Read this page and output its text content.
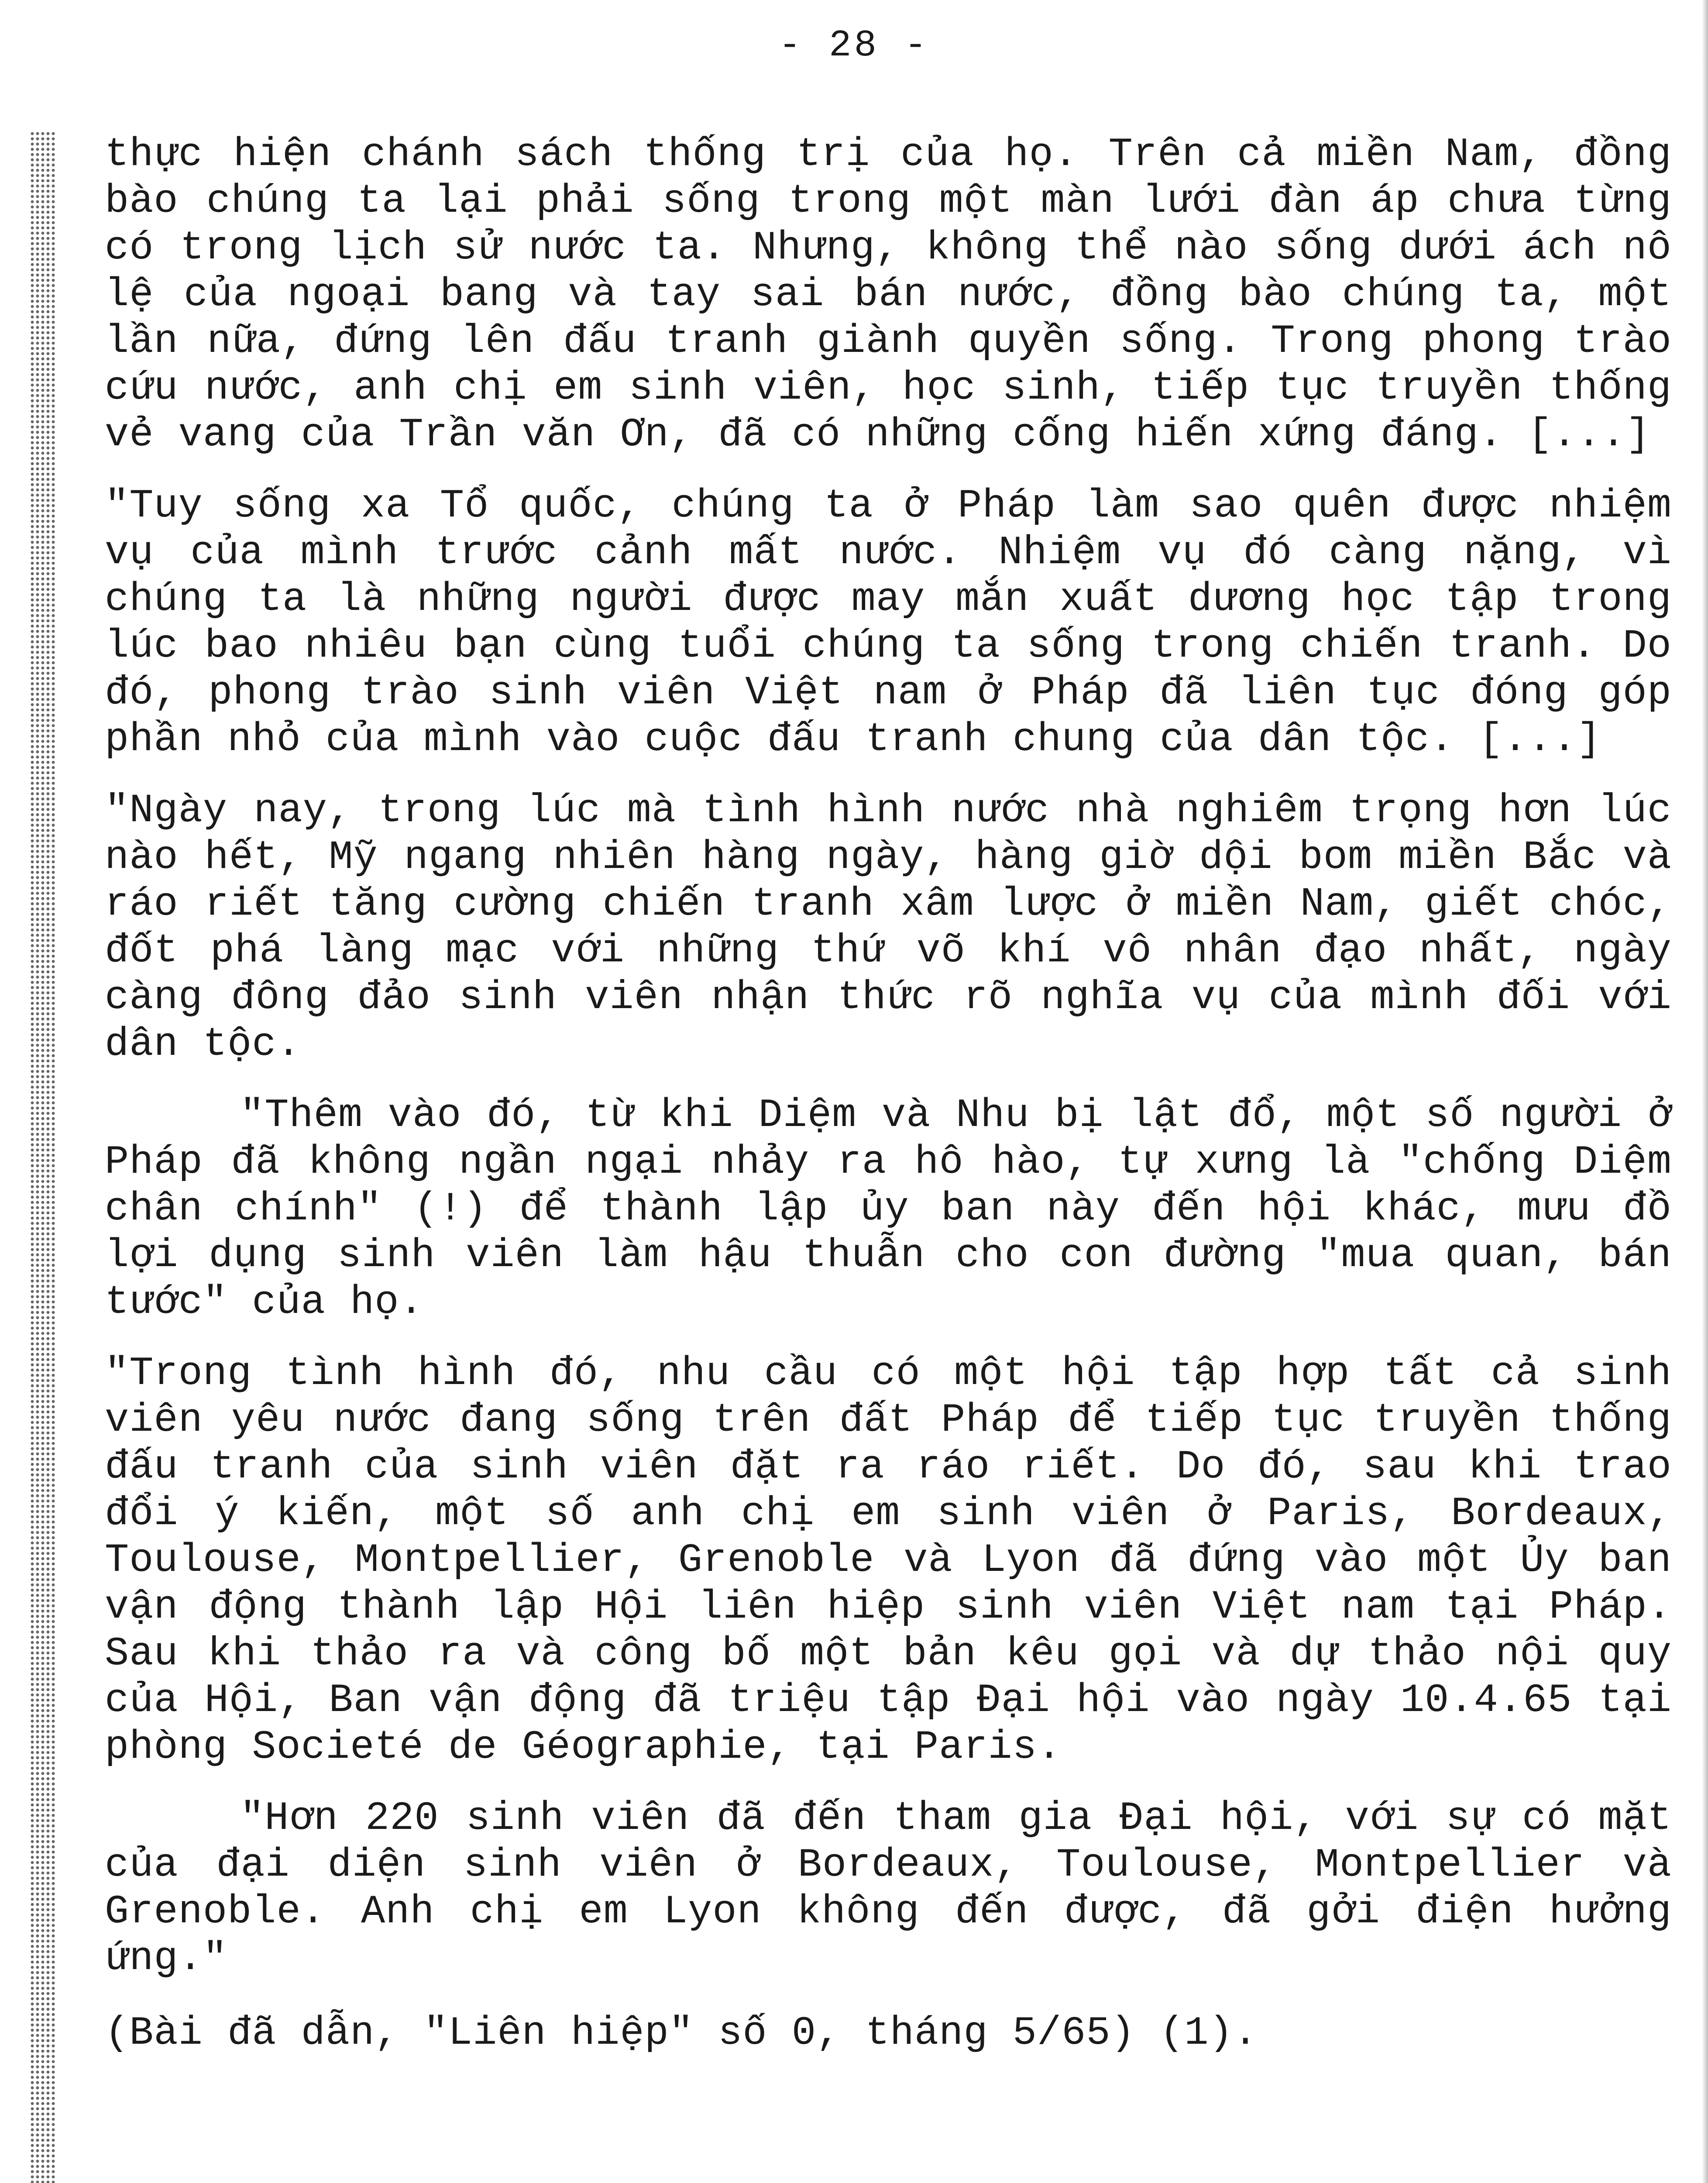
- 28 -

thực hiện chánh sách thống trị của họ. Trên cả miền Nam, đồng bào chúng ta lại phải sống trong một màn lưới đàn áp chưa từng có trong lịch sử nước ta. Nhưng, không thể nào sống dưới ách nô lệ của ngoại bang và tay sai bán nước, đồng bào chúng ta, một lần nữa, đứng lên đấu tranh giành quyền sống. Trong phong trào cứu nước, anh chị em sinh viên, học sinh, tiếp tục truyền thống vẻ vang của Trần văn Ơn, đã có những cống hiến xứng đáng. [...]

"Tuy sống xa Tổ quốc, chúng ta ở Pháp làm sao quên được nhiệm vụ của mình trước cảnh mất nước. Nhiệm vụ đó càng nặng, vì chúng ta là những người được may mắn xuất dương học tập trong lúc bao nhiêu bạn cùng tuổi chúng ta sống trong chiến tranh. Do đó, phong trào sinh viên Việt nam ở Pháp đã liên tục đóng góp phần nhỏ của mình vào cuộc đấu tranh chung của dân tộc. [...]

"Ngày nay, trong lúc mà tình hình nước nhà nghiêm trọng hơn lúc nào hết, Mỹ ngang nhiên hàng ngày, hàng giờ dội bom miền Bắc và ráo riết tăng cường chiến tranh xâm lược ở miền Nam, giết chóc, đốt phá làng mạc với những thứ võ khí vô nhân đạo nhất, ngày càng đông đảo sinh viên nhận thức rõ nghĩa vụ của mình đối với dân tộc.

"Thêm vào đó, từ khi Diệm và Nhu bị lật đổ, một số người ở Pháp đã không ngần ngại nhảy ra hô hào, tự xưng là "chống Diệm chân chính" (!) để thành lập ủy ban này đến hội khác, mưu đồ lợi dụng sinh viên làm hậu thuẫn cho con đường "mua quan, bán tước" của họ.

"Trong tình hình đó, nhu cầu có một hội tập hợp tất cả sinh viên yêu nước đang sống trên đất Pháp để tiếp tục truyền thống đấu tranh của sinh viên đặt ra ráo riết. Do đó, sau khi trao đổi ý kiến, một số anh chị em sinh viên ở Paris, Bordeaux, Toulouse, Montpellier, Grenoble và Lyon đã đứng vào một Ủy ban vận động thành lập Hội liên hiệp sinh viên Việt nam tại Pháp. Sau khi thảo ra và công bố một bản kêu gọi và dự thảo nội quy của Hội, Ban vận động đã triệu tập Đại hội vào ngày 10.4.65 tại phòng Societé de Géographie, tại Paris.

"Hơn 220 sinh viên đã đến tham gia Đại hội, với sự có mặt của đại diện sinh viên ở Bordeaux, Toulouse, Montpellier và Grenoble. Anh chị em Lyon không đến được, đã gởi điện hưởng ứng."

(Bài đã dẫn, "Liên hiệp" số 0, tháng 5/65) (1).
